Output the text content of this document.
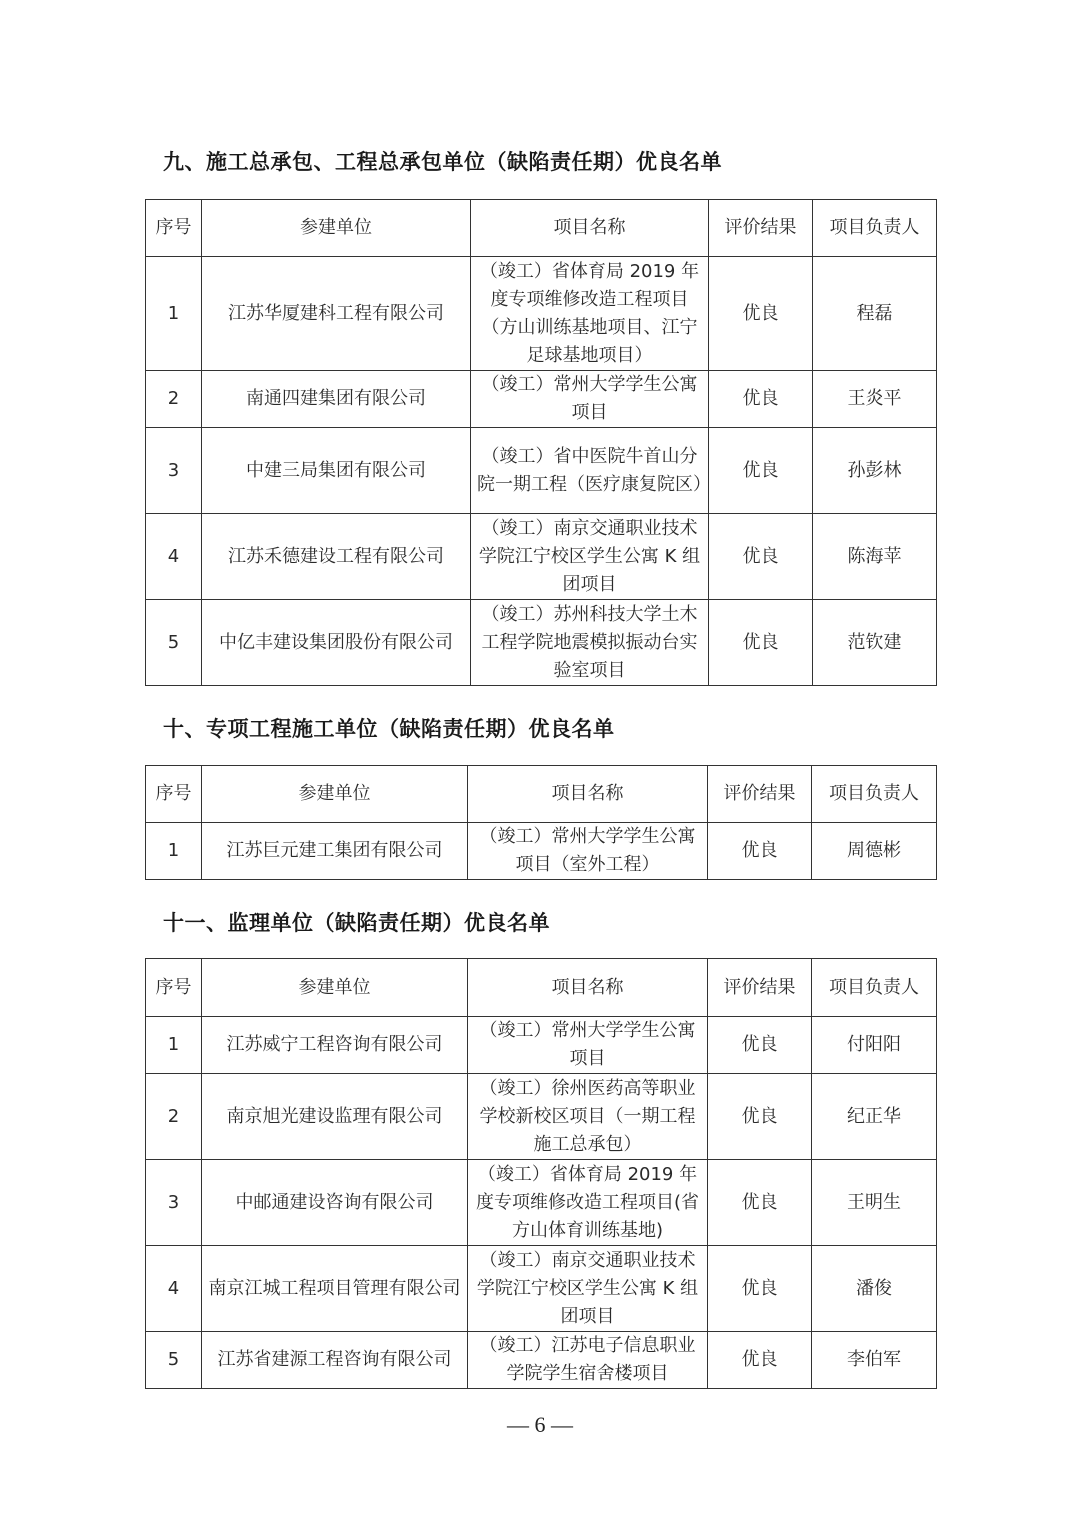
九、施工总承包、工程总承包单位（缺陷责任期）优良名单
序号	参建单位	项目名称	评价结果	项目负责人
1	江苏华厦建科工程有限公司	（竣工）省体育局 2019 年度专项维修改造工程项目（方山训练基地项目、江宁足球基地项目）	优良	程磊
2	南通四建集团有限公司	（竣工）常州大学学生公寓项目	优良	王炎平
3	中建三局集团有限公司	（竣工）省中医院牛首山分院一期工程（医疗康复院区）	优良	孙彭林
4	江苏禾德建设工程有限公司	（竣工）南京交通职业技术学院江宁校区学生公寓 K 组团项目	优良	陈海苹
5	中亿丰建设集团股份有限公司	（竣工）苏州科技大学土木工程学院地震模拟振动台实验室项目	优良	范钦建
十、专项工程施工单位（缺陷责任期）优良名单
序号	参建单位	项目名称	评价结果	项目负责人
1	江苏巨元建工集团有限公司	（竣工）常州大学学生公寓项目（室外工程）	优良	周德彬
十一、监理单位（缺陷责任期）优良名单
序号	参建单位	项目名称	评价结果	项目负责人
1	江苏威宁工程咨询有限公司	（竣工）常州大学学生公寓项目	优良	付阳阳
2	南京旭光建设监理有限公司	（竣工）徐州医药高等职业学校新校区项目（一期工程施工总承包）	优良	纪正华
3	中邮通建设咨询有限公司	（竣工）省体育局 2019 年度专项维修改造工程项目(省方山体育训练基地)	优良	王明生
4	南京江城工程项目管理有限公司	（竣工）南京交通职业技术学院江宁校区学生公寓 K 组团项目	优良	潘俊
5	江苏省建源工程咨询有限公司	（竣工）江苏电子信息职业学院学生宿舍楼项目	优良	李伯军
— 6 —
